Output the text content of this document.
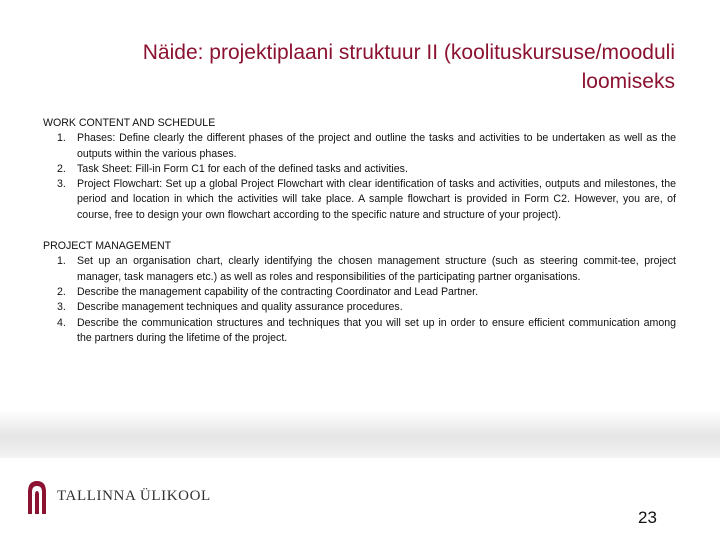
Näide: projektiplaani struktuur II (koolituskursuse/mooduli loomiseks

WORK CONTENT AND SCHEDULE

1. Phases: Define clearly the different phases of the project and outline the tasks and activities to be undertaken as well as the outputs within the various phases.
2. Task Sheet: Fill-in Form C1 for each of the defined tasks and activities.
3. Project Flowchart: Set up a global Project Flowchart with clear identification of tasks and activities, outputs and milestones, the period and location in which the activities will take place. A sample flowchart is provided in Form C2. However, you are, of course, free to design your own flowchart according to the specific nature and structure of your project).

PROJECT MANAGEMENT

1. Set up an organisation chart, clearly identifying the chosen management structure (such as steering commit-tee, project manager, task managers etc.) as well as roles and responsibilities of the participating partner organisations.
2. Describe the management capability of the contracting Coordinator and Lead Partner.
3. Describe management techniques and quality assurance procedures.
4. Describe the communication structures and techniques that you will set up in order to ensure efficient communication among the partners during the lifetime of the project.
TALLINNA ÜLIKOOL
23
